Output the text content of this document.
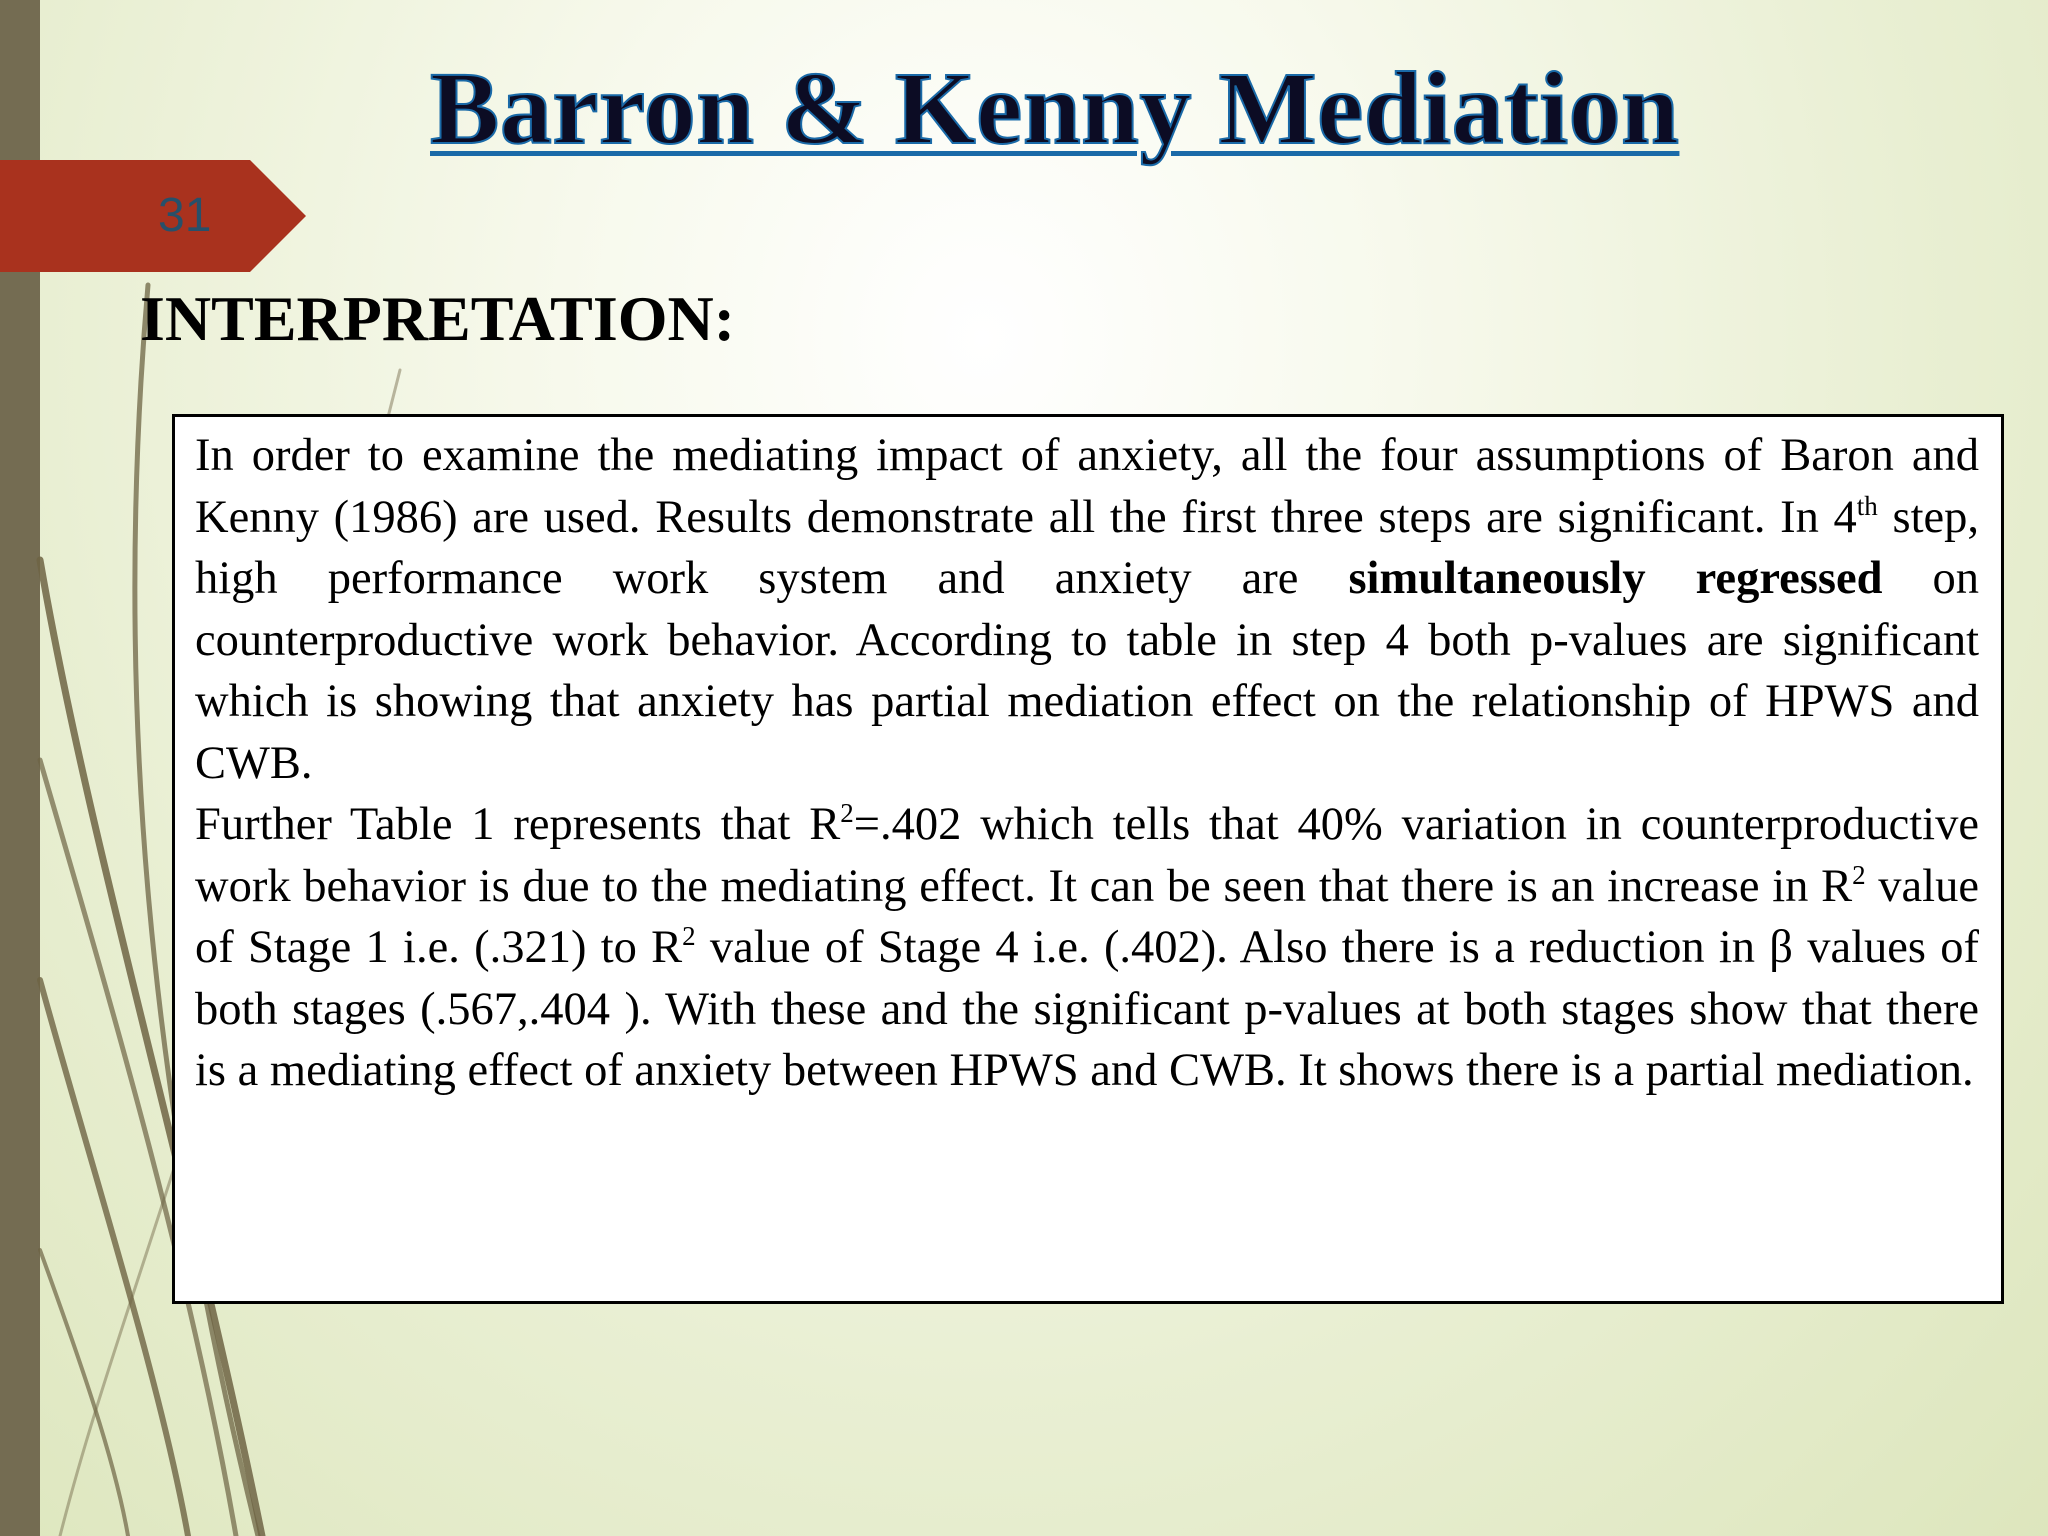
31
Barron & Kenny Mediation
INTERPRETATION:

In order to examine the mediating impact of anxiety, all the four assumptions of Baron and Kenny (1986) are used. Results demonstrate all the first three steps are significant. In 4th step, high performance work system and anxiety are simultaneously regressed on counterproductive work behavior. According to table in step 4 both p-values are significant which is showing that anxiety has partial mediation effect on the relationship of HPWS and CWB.

Further Table 1 represents that $R^2=.402$ which tells that 40% variation in counterproductive work behavior is due to the mediating effect. It can be seen that there is an increase in $R^2$ value of Stage 1 i.e. (.321) to $R^2$ value of Stage 4 i.e. (.402). Also there is a reduction in β values of both stages (.567,.404 ). With these and the significant p-values at both stages show that there is a mediating effect of anxiety between HPWS and CWB. It shows there is a partial mediation.
